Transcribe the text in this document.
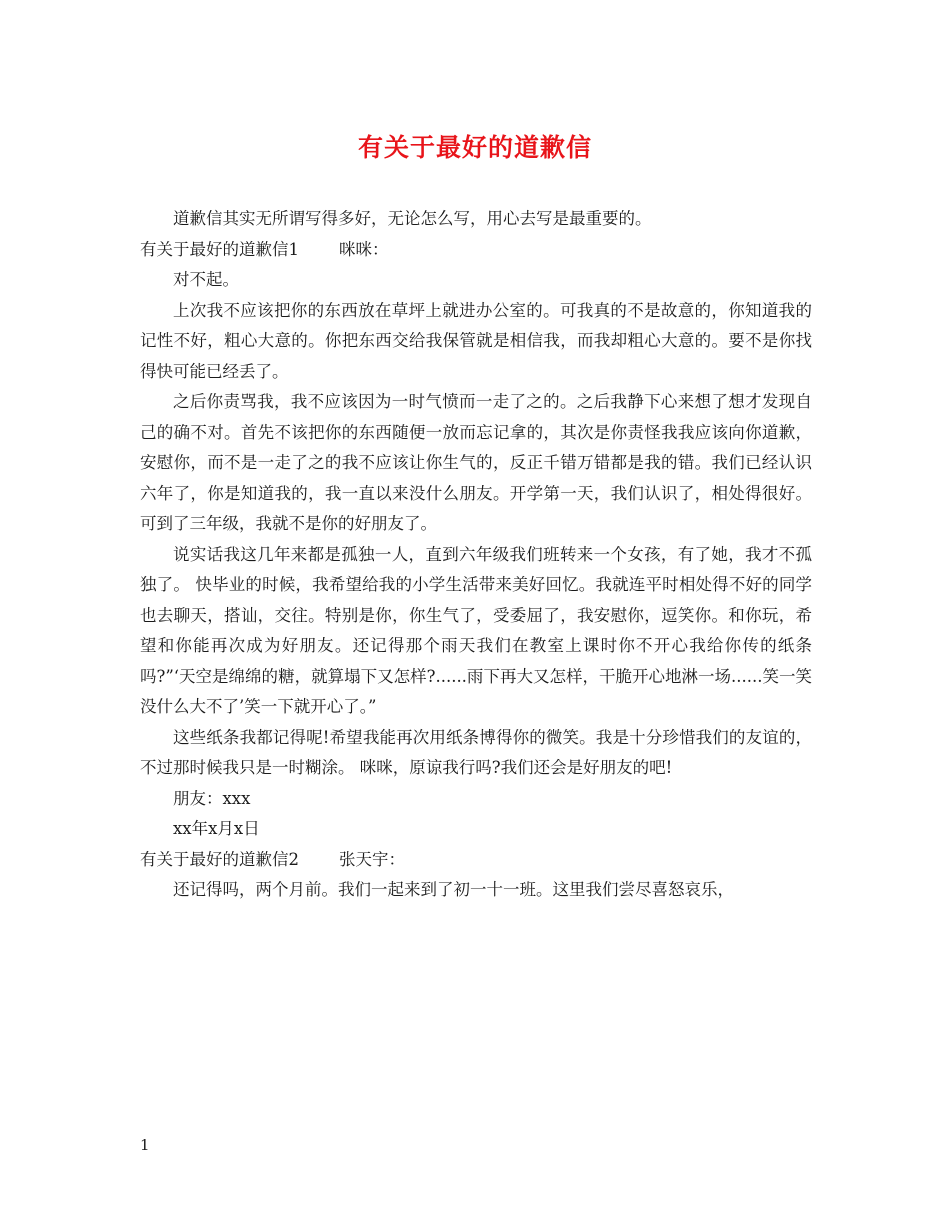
有关于最好的道歉信

道歉信其实无所谓写得多好，无论怎么写，用心去写是最重要的。

有关于最好的道歉信1 咪咪：

对不起。

上次我不应该把你的东西放在草坪上就进办公室的。可我真的不是故意的，你知道我的记性不好，粗心大意的。你把东西交给我保管就是相信我，而我却粗心大意的。要不是你找得快可能已经丢了。

之后你责骂我，我不应该因为一时气愤而一走了之的。之后我静下心来想了想才发现自己的确不对。首先不该把你的东西随便一放而忘记拿的，其次是你责怪我我应该向你道歉，安慰你，而不是一走了之的我不应该让你生气的，反正千错万错都是我的错。我们已经认识六年了，你是知道我的，我一直以来没什么朋友。开学第一天，我们认识了，相处得很好。可到了三年级，我就不是你的好朋友了。

说实话我这几年来都是孤独一人，直到六年级我们班转来一个女孩，有了她，我才不孤独了。 快毕业的时候，我希望给我的小学生活带来美好回忆。我就连平时相处得不好的同学也去聊天，搭讪，交往。特别是你，你生气了，受委屈了，我安慰你，逗笑你。和你玩，希望和你能再次成为好朋友。还记得那个雨天我们在教室上课时你不开心我给你传的纸条吗?”‘天空是绵绵的糖，就算塌下又怎样?......雨下再大又怎样，干脆开心地淋一场......笑一笑没什么大不了’笑一下就开心了。”

这些纸条我都记得呢!希望我能再次用纸条博得你的微笑。我是十分珍惜我们的友谊的，不过那时候我只是一时糊涂。 咪咪，原谅我行吗?我们还会是好朋友的吧!

朋友：xxx

xx年x月x日

有关于最好的道歉信2 张天宇：

还记得吗，两个月前。我们一起来到了初一十一班。这里我们尝尽喜怒哀乐，

1
